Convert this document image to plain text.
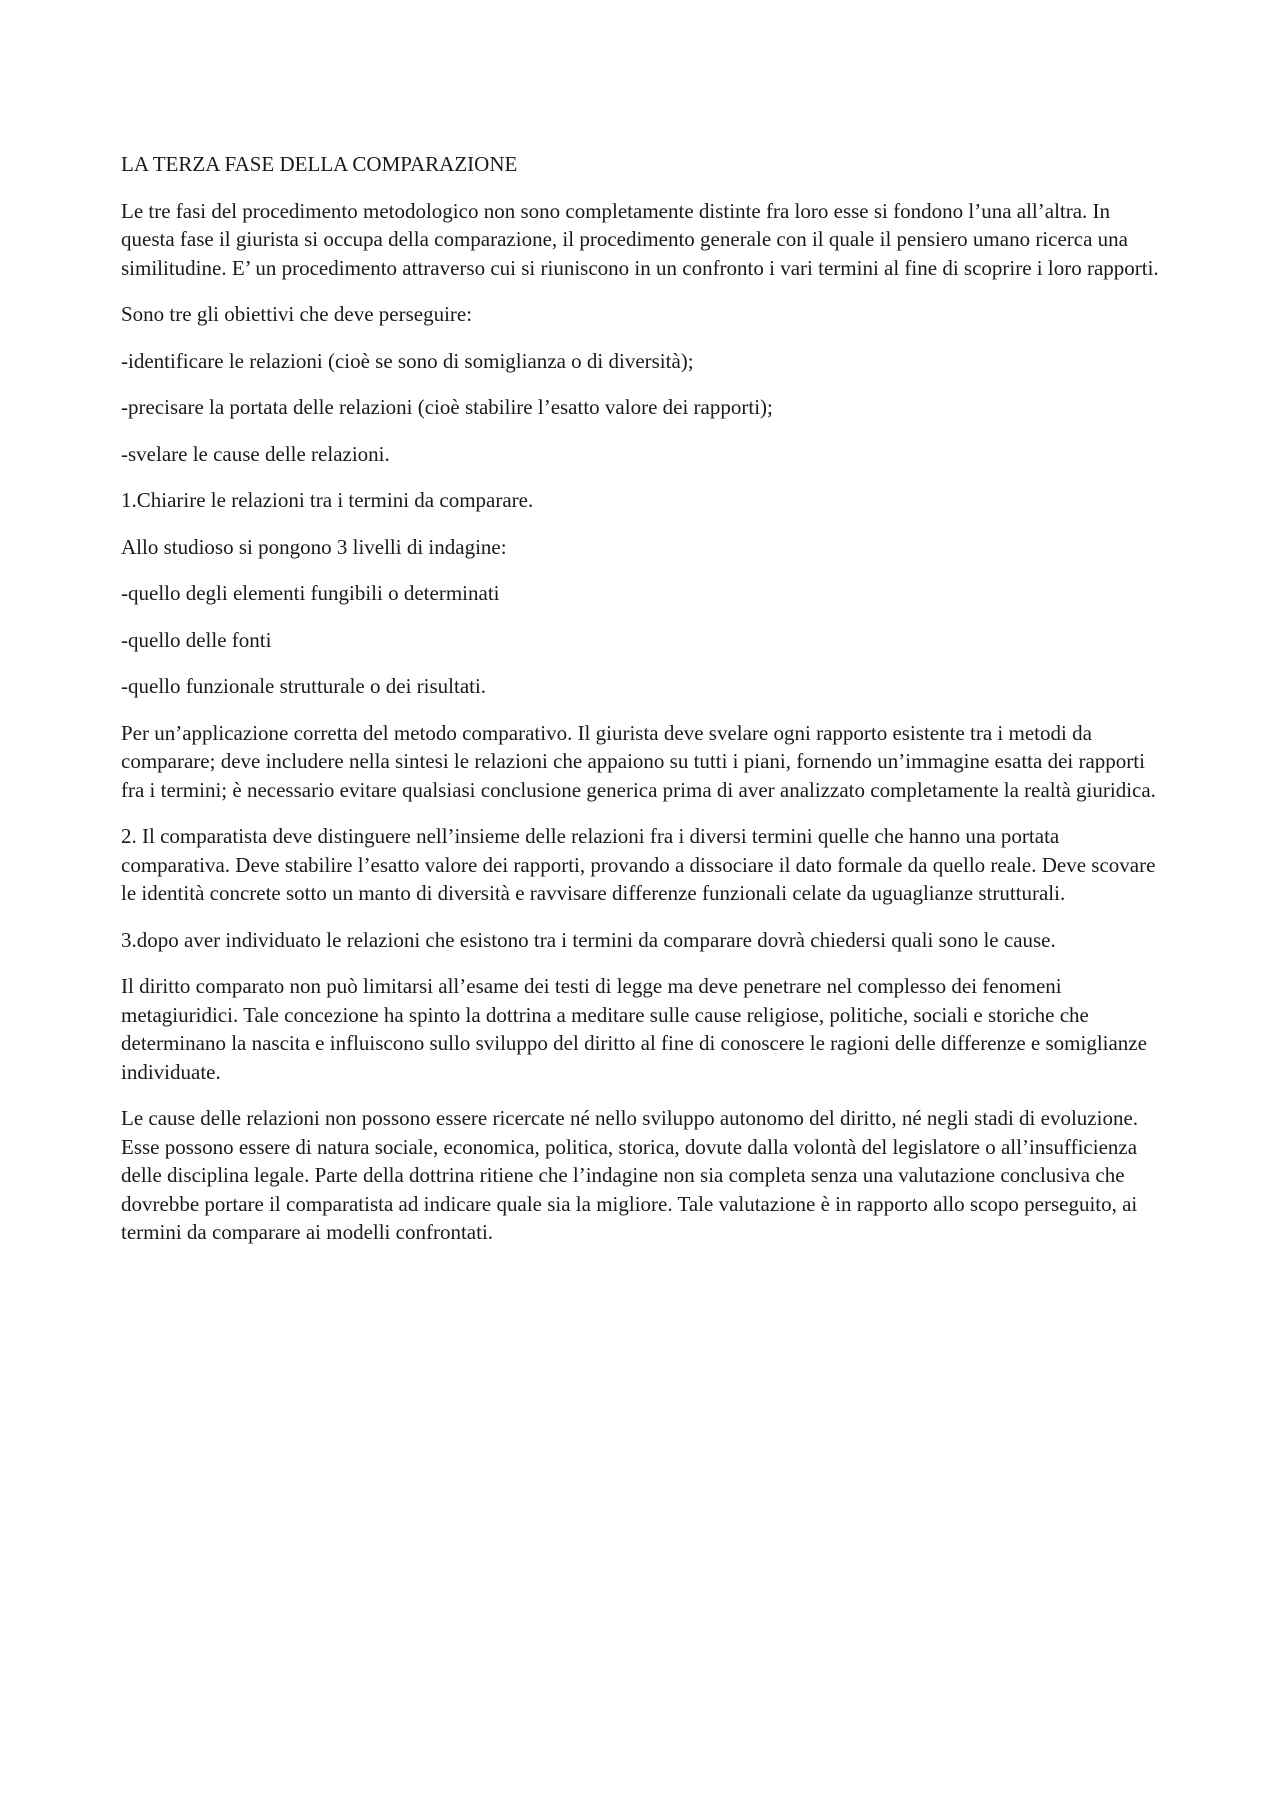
LA TERZA FASE DELLA COMPARAZIONE

Le tre fasi del procedimento metodologico non sono completamente distinte fra loro esse si fondono l’una all’altra. In questa fase il giurista si occupa della comparazione, il procedimento generale con il quale il pensiero umano ricerca una similitudine. E’ un procedimento attraverso cui si riuniscono in un confronto i vari termini al fine di scoprire i loro rapporti.

Sono tre gli obiettivi che deve perseguire:

-identificare le relazioni (cioè se sono di somiglianza o di diversità);

-precisare la portata delle relazioni (cioè stabilire l’esatto valore dei rapporti);

-svelare le cause delle relazioni.

1.Chiarire le relazioni tra i termini da comparare.

Allo studioso si pongono 3 livelli di indagine:

-quello degli elementi fungibili o determinati

-quello delle fonti

-quello funzionale strutturale o dei risultati.

Per un’applicazione corretta del metodo comparativo. Il giurista deve svelare ogni rapporto esistente tra i metodi da comparare; deve includere nella sintesi le relazioni che appaiono su tutti i piani, fornendo un’immagine esatta dei rapporti fra i termini; è necessario evitare qualsiasi conclusione generica prima di aver analizzato completamente la realtà giuridica.

2. Il comparatista deve distinguere nell’insieme delle relazioni fra i diversi termini quelle che hanno una portata comparativa. Deve stabilire l’esatto valore dei rapporti, provando a dissociare il dato formale da quello reale. Deve scovare le identità concrete sotto un manto di diversità e ravvisare differenze funzionali celate da uguaglianze strutturali.

3.dopo aver individuato le relazioni che esistono tra i termini da comparare dovrà chiedersi quali sono le cause.

Il diritto comparato non può limitarsi all’esame dei testi di legge ma deve penetrare nel complesso dei fenomeni metagiuridici. Tale concezione ha spinto la dottrina a meditare sulle cause religiose, politiche, sociali e storiche che determinano la nascita e influiscono sullo sviluppo del diritto al fine di conoscere le ragioni delle differenze e somiglianze individuate.

Le cause delle relazioni non possono essere ricercate né nello sviluppo autonomo del diritto, né negli stadi di evoluzione. Esse possono essere di natura sociale, economica, politica, storica, dovute dalla volontà del legislatore o all’insufficienza delle disciplina legale. Parte della dottrina ritiene che l’indagine non sia completa senza una valutazione conclusiva che dovrebbe portare il comparatista ad indicare quale sia la migliore. Tale valutazione è in rapporto allo scopo perseguito, ai termini da comparare ai modelli confrontati.
